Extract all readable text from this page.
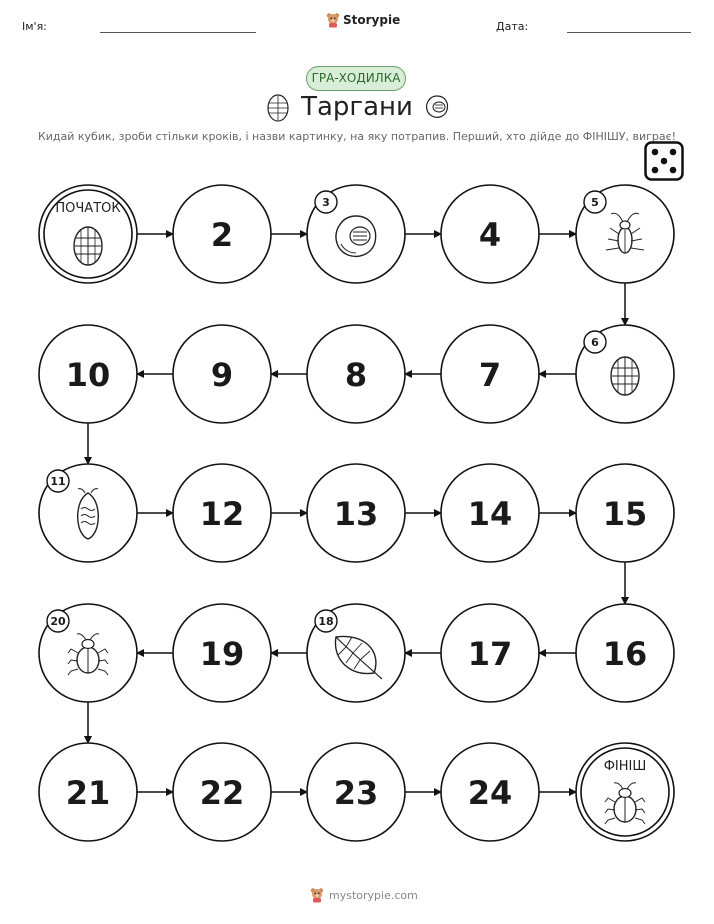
Ім'я:	Storypie	Дата:
ГРА-ХОДИЛКА
Таргани
Кидай кубик, зроби стільки кроків, і назви картинку, на яку потрапив. Перший, хто дійде до ФІНІШУ, виграє!
ПОЧАТОК
2
3
4
5
6
7
8
9
10
11
12	13	14	15
16
17
18
19
20
21	22	23	24
ФІНІШ
mystorypie.com
